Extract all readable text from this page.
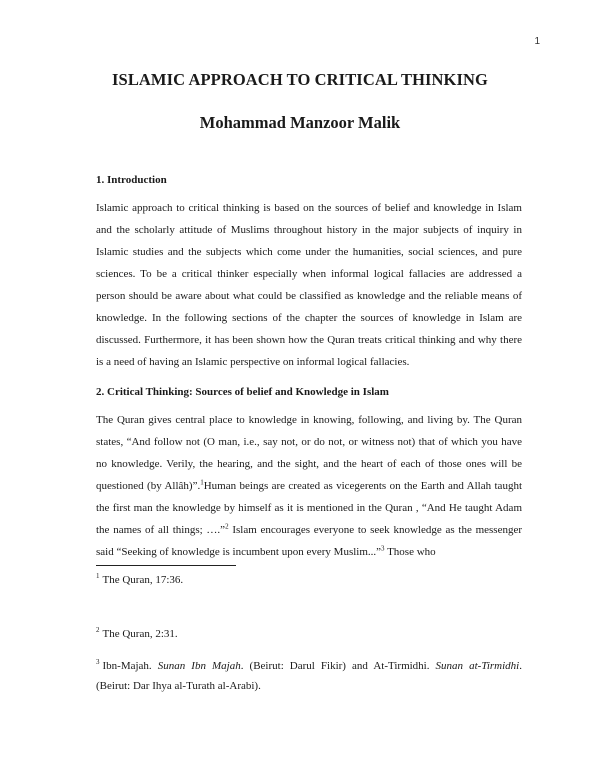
1
ISLAMIC APPROACH TO CRITICAL THINKING
Mohammad Manzoor Malik
1. Introduction

Islamic approach to critical thinking is based on the sources of belief and knowledge in Islam and the scholarly attitude of Muslims throughout history in the major subjects of inquiry in Islamic studies and the subjects which come under the humanities, social sciences, and pure sciences. To be a critical thinker especially when informal logical fallacies are addressed a person should be aware about what could be classified as knowledge and the reliable means of knowledge. In the following sections of the chapter the sources of knowledge in Islam are discussed. Furthermore, it has been shown how the Quran treats critical thinking and why there is a need of having an Islamic perspective on informal logical fallacies.

2. Critical Thinking: Sources of belief and Knowledge in Islam

The Quran gives central place to knowledge in knowing, following, and living by. The Quran states, “And follow not (O man, i.e., say not, or do not, or witness not) that of which you have no knowledge. Verily, the hearing, and the sight, and the heart of each of those ones will be questioned (by Allâh)”.$^1$Human beings are created as vicegerents on the Earth and Allah taught the first man the knowledge by himself as it is mentioned in the Quran , “And He taught Adam the names of all things; ….”$^2$ Islam encourages everyone to seek knowledge as the messenger said “Seeking of knowledge is incumbent upon every Muslim...”$^3$ Those who

$^1$ The Quran, 17:36.

$^2$ The Quran, 2:31.

$^3$ Ibn-Majah. Sunan Ibn Majah. (Beirut: Darul Fikir) and At-Tirmidhi. Sunan at-Tirmidhi. (Beirut: Dar Ihya al-Turath al-Arabi).
